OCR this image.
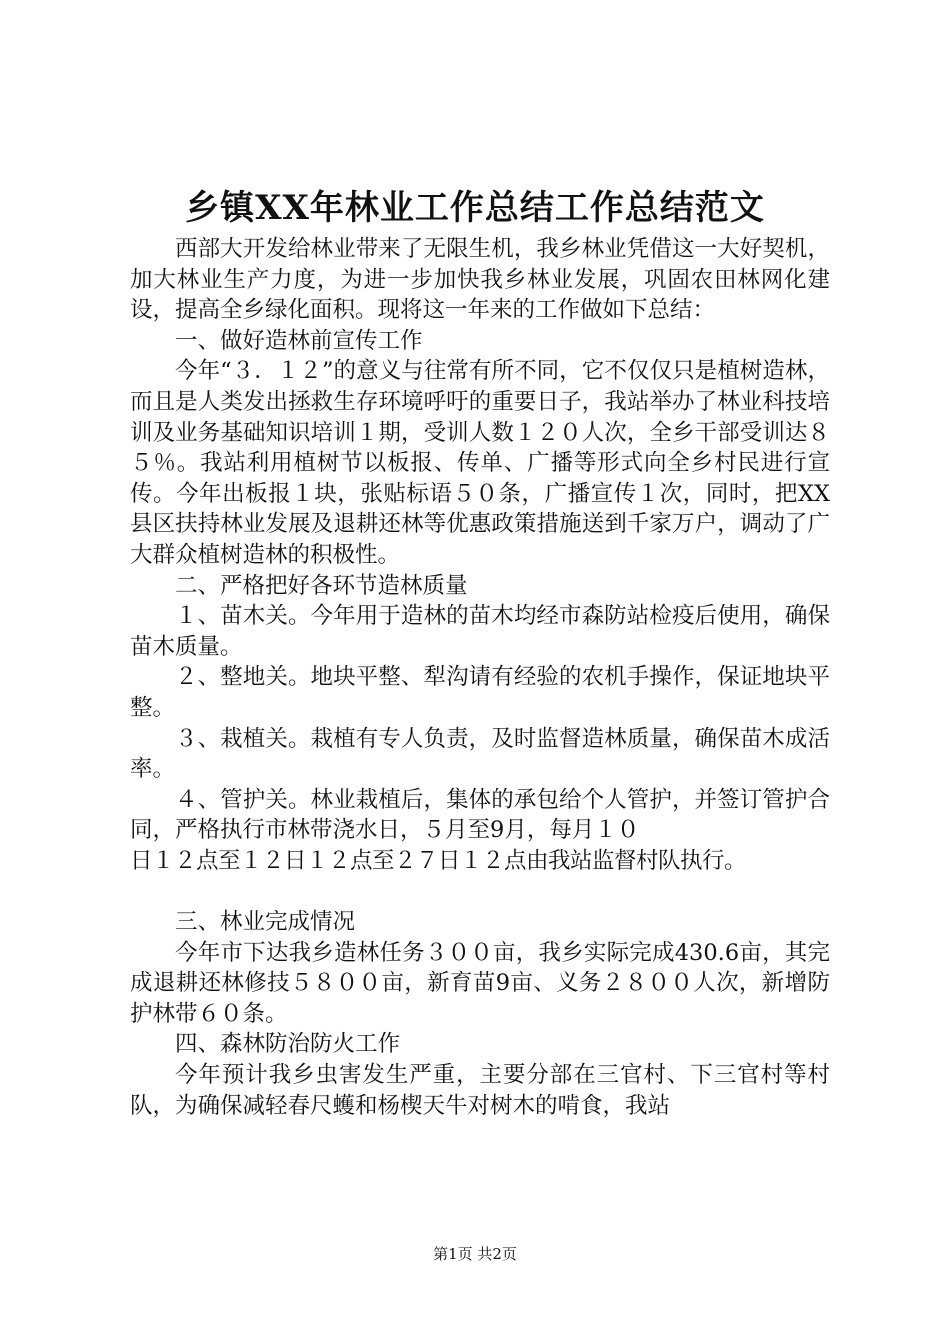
乡镇XX年林业工作总结工作总结范文

西部大开发给林业带来了无限生机，我乡林业凭借这一大好契机，加大林业生产力度，为进一步加快我乡林业发展，巩固农田林网化建设，提高全乡绿化面积。现将这一年来的工作做如下总结：

一、做好造林前宣传工作

今年“３．１２”的意义与往常有所不同，它不仅仅只是植树造林，而且是人类发出拯救生存环境呼吁的重要日子，我站举办了林业科技培训及业务基础知识培训１期，受训人数１２０人次，全乡干部受训达８５％。我站利用植树节以板报、传单、广播等形式向全乡村民进行宣传。今年出板报１块，张贴标语５０条，广播宣传１次，同时，把XX县区扶持林业发展及退耕还林等优惠政策措施送到千家万户，调动了广大群众植树造林的积极性。

二、严格把好各环节造林质量

１、苗木关。今年用于造林的苗木均经市森防站检疫后使用，确保苗木质量。

２、整地关。地块平整、犁沟请有经验的农机手操作，保证地块平整。

３、栽植关。栽植有专人负责，及时监督造林质量，确保苗木成活率。

４、管护关。林业栽植后，集体的承包给个人管护，并签订管护合同，严格执行市林带浇水日，５月至9月，每月１０

日１２点至１２日１２点至２７日１２点由我站监督村队执行。

三、林业完成情况

今年市下达我乡造林任务３００亩，我乡实际完成430.6亩，其完成退耕还林修技５８００亩，新育苗9亩、义务２８００人次，新增防护林带６０条。

四、森林防治防火工作

今年预计我乡虫害发生严重，主要分部在三官村、下三官村等村队，为确保减轻春尺蠖和杨楔天牛对树木的啃食，我站

第1页 共2页
